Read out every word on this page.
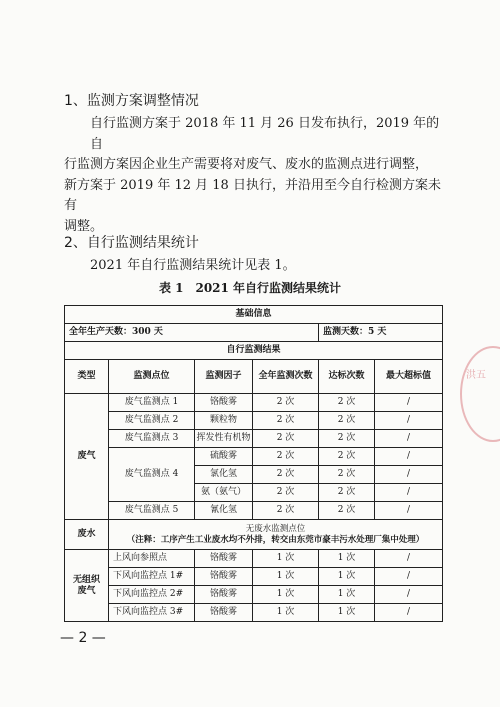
1、监测方案调整情况
自行监测方案于 2018 年 11 月 26 日发布执行，2019 年的自
行监测方案因企业生产需要将对废气、废水的监测点进行调整，
新方案于 2019 年 12 月 18 日执行，并沿用至今自行检测方案未有
调整。
2、自行监测结果统计
2021 年自行监测结果统计见表 1。
表 1　2021 年自行监测结果统计
基础信息					
全年生产天数：300 天				监测天数：5 天	
自行监测结果					
类型	监测点位	监测因子	全年监测次数	达标次数	最大超标值
废气	废气监测点 1	铬酸雾	2 次	2 次	/
	废气监测点 2	颗粒物	2 次	2 次	/
	废气监测点 3	挥发性有机物	2 次	2 次	/
	废气监测点 4	硫酸雾	2 次	2 次	/
		氯化氢	2 次	2 次	/
		氨（氨气）	2 次	2 次	/
	废气监测点 5	氰化氢	2 次	2 次	/
废水	无废水监测点位
（注释：工序产生工业废水均不外排，转交由东莞市豪丰污水处理厂集中处理）				

无组织
废气	上风向参照点	铬酸雾	1 次	1 次	/
	下风向监控点 1#	铬酸雾	1 次	1 次	/
	下风向监控点 2#	铬酸雾	1 次	1 次	/
	下风向监控点 3#	铬酸雾	1 次	1 次	/
— 2 —
洪五
